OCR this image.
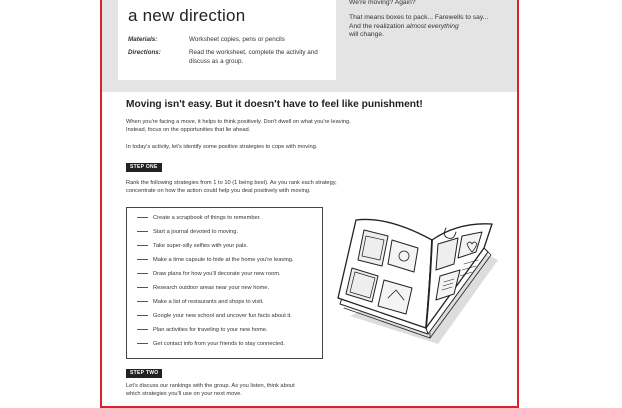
a new direction
Materials:	Worksheet copies, pens or pencils
Directions:	Read the worksheet, complete the activity and
discuss as a group.

We're moving? Again?

That means boxes to pack... Farewells to say...
And the realization almost everything
will change.

Moving isn't easy. But it doesn't have to feel like punishment!
When you're facing a move, it helps to think positively. Don't dwell on what you're leaving.
Instead, focus on the opportunities that lie ahead.
In today's activity, let's identify some positive strategies to cope with moving.
STEP ONE
Rank the following strategies from 1 to 10 (1 being best). As you rank each strategy,
concentrate on how the action could help you deal positively with moving.
Create a scrapbook of things to remember.
Start a journal devoted to moving.
Take super-silly selfies with your pals.
Make a time capsule to hide at the home you're leaving.
Draw plans for how you'll decorate your new room.
Research outdoor areas near your new home.
Make a list of restaurants and shops to visit.
Google your new school and uncover fun facts about it.
Plan activities for traveling to your new home.
Get contact info from your friends to stay connected.
STEP TWO
Let's discuss our rankings with the group. As you listen, think about
which strategies you'll use on your next move.
